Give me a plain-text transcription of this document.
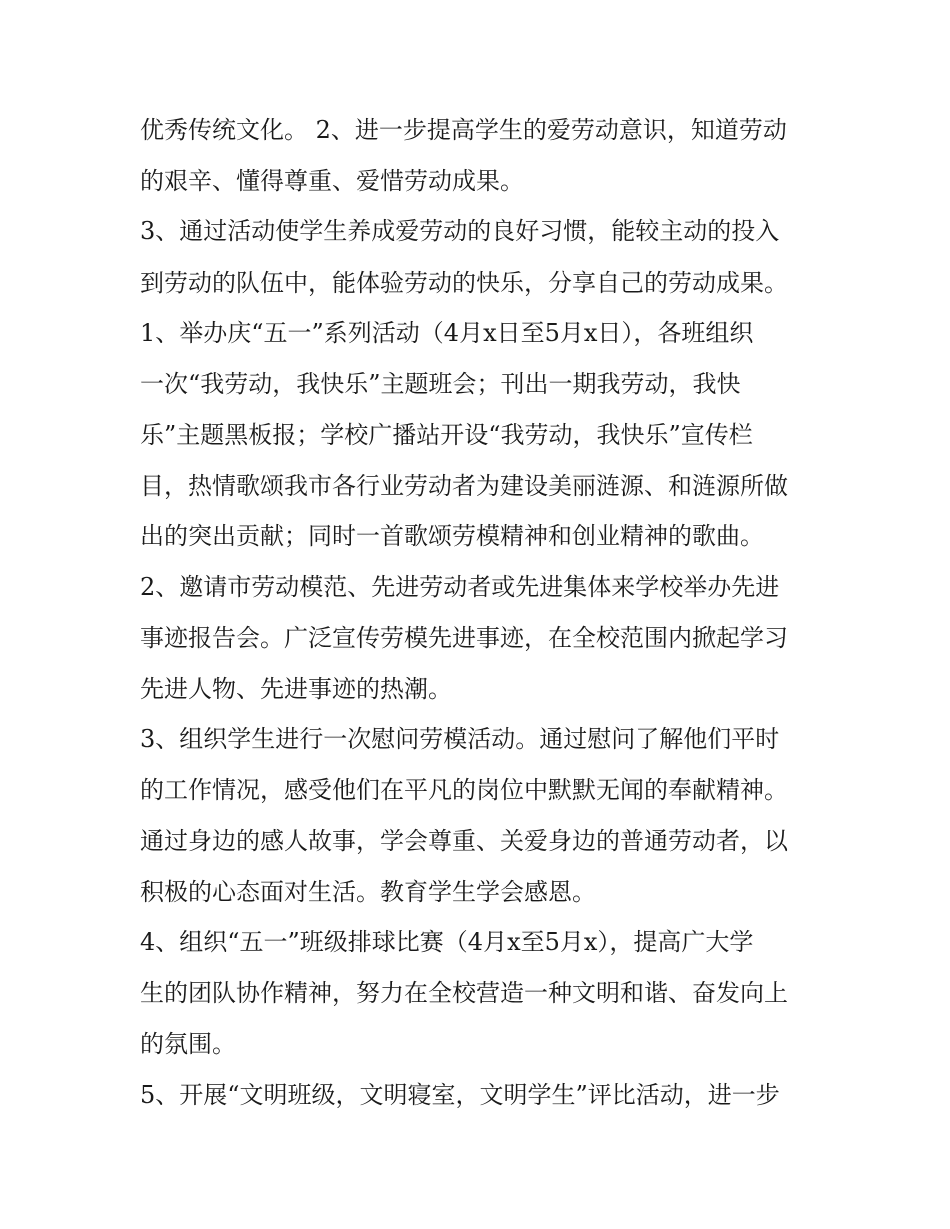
优秀传统文化。 2、进一步提高学生的爱劳动意识，知道劳动
的艰辛、懂得尊重、爱惜劳动成果。
3、通过活动使学生养成爱劳动的良好习惯，能较主动的投入
到劳动的队伍中，能体验劳动的快乐，分享自己的劳动成果。
1、举办庆“五一”系列活动（4月x日至5月x日），各班组织
一次“我劳动，我快乐”主题班会；刊出一期我劳动，我快
乐”主题黑板报；学校广播站开设“我劳动，我快乐”宣传栏
目，热情歌颂我市各行业劳动者为建设美丽涟源、和涟源所做
出的突出贡献；同时一首歌颂劳模精神和创业精神的歌曲。
2、邀请市劳动模范、先进劳动者或先进集体来学校举办先进
事迹报告会。广泛宣传劳模先进事迹，在全校范围内掀起学习
先进人物、先进事迹的热潮。
3、组织学生进行一次慰问劳模活动。通过慰问了解他们平时
的工作情况，感受他们在平凡的岗位中默默无闻的奉献精神。
通过身边的感人故事，学会尊重、关爱身边的普通劳动者，以
积极的心态面对生活。教育学生学会感恩。
4、组织“五一”班级排球比赛（4月x至5月x），提高广大学
生的团队协作精神，努力在全校营造一种文明和谐、奋发向上
的氛围。
5、开展“文明班级，文明寝室，文明学生”评比活动，进一步
